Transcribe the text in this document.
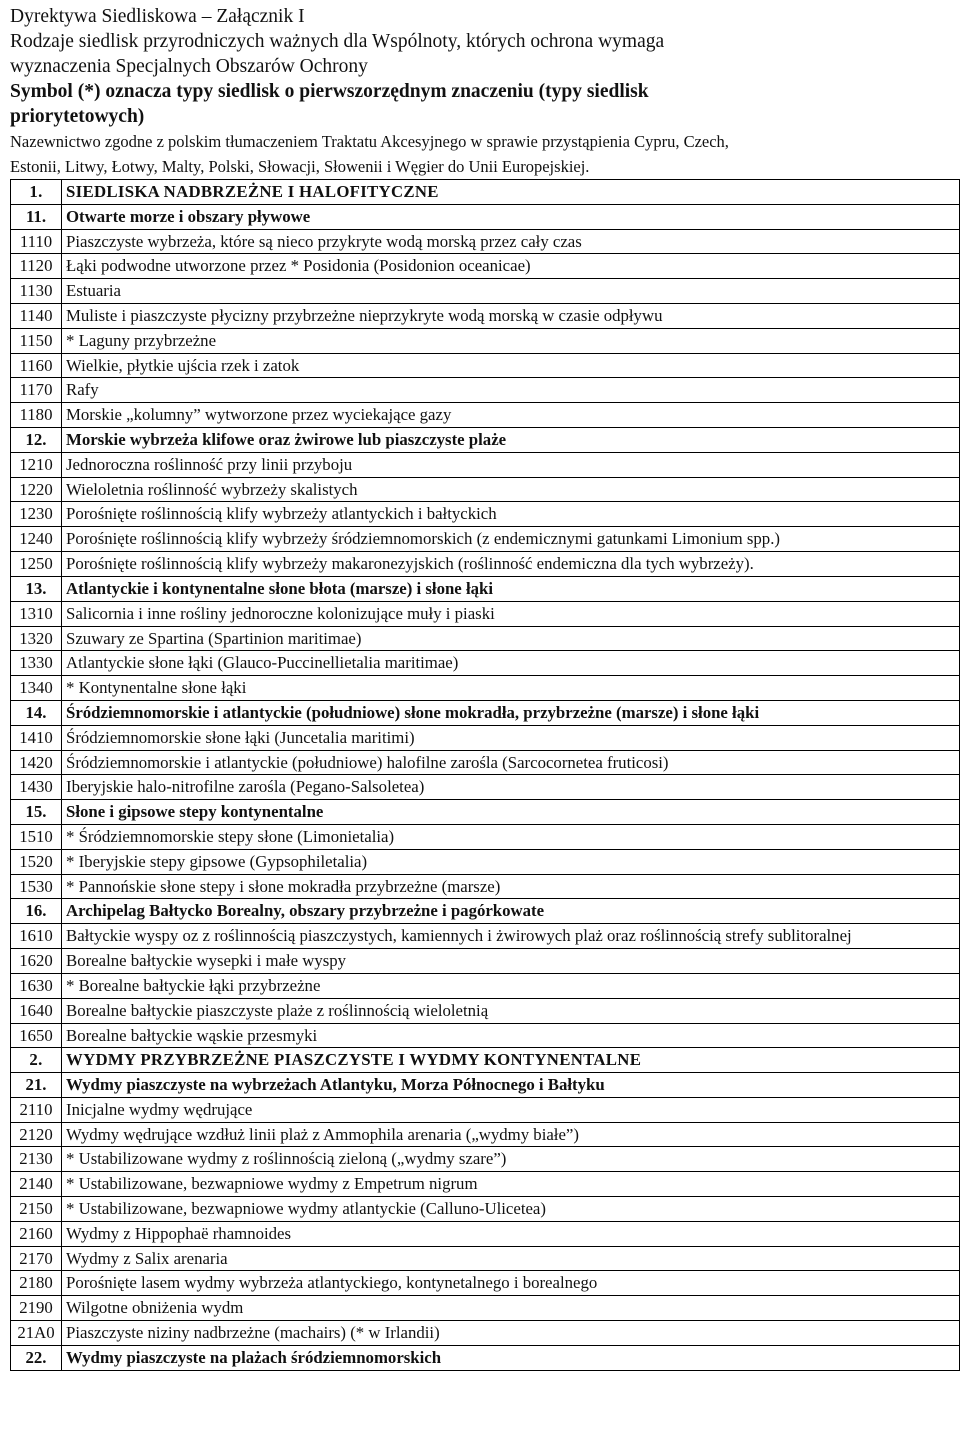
Dyrektywa Siedliskowa – Załącznik I
Rodzaje siedlisk przyrodniczych ważnych dla Wspólnoty, których ochrona wymaga
wyznaczenia Specjalnych Obszarów Ochrony
Symbol (*) oznacza typy siedlisk o pierwszorzędnym znaczeniu (typy siedlisk
priorytetowych)
Nazewnictwo zgodne z polskim tłumaczeniem Traktatu Akcesyjnego w sprawie przystąpienia Cypru, Czech,
Estonii, Litwy, Łotwy, Malty, Polski, Słowacji, Słowenii i Węgier do Unii Europejskiej.
1.	SIEDLISKA NADBRZEŻNE I HALOFITYCZNE
11.	Otwarte morze i obszary pływowe
1110	Piaszczyste wybrzeża, które są nieco przykryte wodą morską przez cały czas
1120	Łąki podwodne utworzone przez * Posidonia (Posidonion oceanicae)
1130	Estuaria
1140	Muliste i piaszczyste płycizny przybrzeżne nieprzykryte wodą morską w czasie odpływu
1150	* Laguny przybrzeżne
1160	Wielkie, płytkie ujścia rzek i zatok
1170	Rafy
1180	Morskie „kolumny” wytworzone przez wyciekające gazy
12.	Morskie wybrzeża klifowe oraz żwirowe lub piaszczyste plaże
1210	Jednoroczna roślinność przy linii przyboju
1220	Wieloletnia roślinność wybrzeży skalistych
1230	Porośnięte roślinnością klify wybrzeży atlantyckich i bałtyckich
1240	Porośnięte roślinnością klify wybrzeży śródziemnomorskich (z endemicznymi gatunkami Limonium spp.)
1250	Porośnięte roślinnością klify wybrzeży makaronezyjskich (roślinność endemiczna dla tych wybrzeży).
13.	Atlantyckie i kontynentalne słone błota (marsze) i słone łąki
1310	Salicornia i inne rośliny jednoroczne kolonizujące muły i piaski
1320	Szuwary ze Spartina (Spartinion maritimae)
1330	Atlantyckie słone łąki (Glauco-Puccinellietalia maritimae)
1340	* Kontynentalne słone łąki
14.	Śródziemnomorskie i atlantyckie (południowe) słone mokradła, przybrzeżne (marsze) i słone łąki
1410	Śródziemnomorskie słone łąki (Juncetalia maritimi)
1420	Śródziemnomorskie i atlantyckie (południowe) halofilne zarośla (Sarcocornetea fruticosi)
1430	Iberyjskie halo-nitrofilne zarośla (Pegano-Salsoletea)
15.	Słone i gipsowe stepy kontynentalne
1510	* Śródziemnomorskie stepy słone (Limonietalia)
1520	* Iberyjskie stepy gipsowe (Gypsophiletalia)
1530	* Pannońskie słone stepy i słone mokradła przybrzeżne (marsze)
16.	Archipelag Bałtycko Borealny, obszary przybrzeżne i pagórkowate
1610	Bałtyckie wyspy oz z roślinnością piaszczystych, kamiennych i żwirowych plaż oraz roślinnością strefy sublitoralnej
1620	Borealne bałtyckie wysepki i małe wyspy
1630	* Borealne bałtyckie łąki przybrzeżne
1640	Borealne bałtyckie piaszczyste plaże z roślinnością wieloletnią
1650	Borealne bałtyckie wąskie przesmyki
2.	WYDMY PRZYBRZEŻNE PIASZCZYSTE I WYDMY KONTYNENTALNE
21.	Wydmy piaszczyste na wybrzeżach Atlantyku, Morza Północnego i Bałtyku
2110	Inicjalne wydmy wędrujące
2120	Wydmy wędrujące wzdłuż linii plaż z Ammophila arenaria („wydmy białe”)
2130	* Ustabilizowane wydmy z roślinnością zieloną („wydmy szare”)
2140	* Ustabilizowane, bezwapniowe wydmy z Empetrum nigrum
2150	* Ustabilizowane, bezwapniowe wydmy atlantyckie (Calluno-Ulicetea)
2160	Wydmy z Hippophaë rhamnoides
2170	Wydmy z Salix arenaria
2180	Porośnięte lasem wydmy wybrzeża atlantyckiego, kontynetalnego i borealnego
2190	Wilgotne obniżenia wydm
21A0	Piaszczyste niziny nadbrzeżne (machairs) (* w Irlandii)
22.	Wydmy piaszczyste na plażach śródziemnomorskich
